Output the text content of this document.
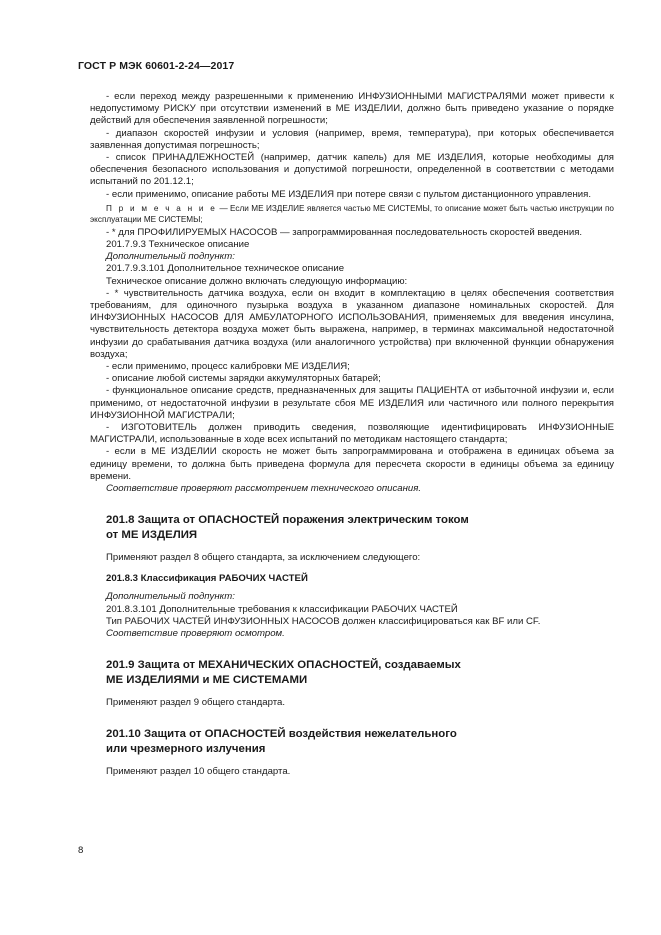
ГОСТ Р МЭК 60601-2-24—2017

- если переход между разрешенными к применению ИНФУЗИОННЫМИ МАГИСТРАЛЯМИ может привести к недопустимому РИСКУ при отсутствии изменений в МЕ ИЗДЕЛИИ, должно быть приведено указание о порядке действий для обеспечения заявленной погрешности;

- диапазон скоростей инфузии и условия (например, время, температура), при которых обеспечивается заявленная допустимая погрешность;

- список ПРИНАДЛЕЖНОСТЕЙ (например, датчик капель) для МЕ ИЗДЕЛИЯ, которые необходимы для обеспечения безопасного использования и допустимой погрешности, определенной в соответствии с методами испытаний по 201.12.1;

- если применимо, описание работы МЕ ИЗДЕЛИЯ при потере связи с пультом дистанционного управления.

П р и м е ч а н и е — Если МЕ ИЗДЕЛИЕ является частью МЕ СИСТЕМЫ, то описание может быть частью инструкции по эксплуатации МЕ СИСТЕМЫ;

- * для ПРОФИЛИРУЕМЫХ НАСОСОВ — запрограммированная последовательность скоростей введения.

201.7.9.3 Техническое описание

Дополнительный подпункт:

201.7.9.3.101 Дополнительное техническое описание

Техническое описание должно включать следующую информацию:

- * чувствительность датчика воздуха, если он входит в комплектацию в целях обеспечения соответствия требованиям, для одиночного пузырька воздуха в указанном диапазоне номинальных скоростей. Для ИНФУЗИОННЫХ НАСОСОВ ДЛЯ АМБУЛАТОРНОГО ИСПОЛЬЗОВАНИЯ, применяемых для введения инсулина, чувствительность детектора воздуха может быть выражена, например, в терминах максимальной недостаточной инфузии до срабатывания датчика воздуха (или аналогичного устройства) при включенной функции обнаружения воздуха;

- если применимо, процесс калибровки МЕ ИЗДЕЛИЯ;

- описание любой системы зарядки аккумуляторных батарей;

- функциональное описание средств, предназначенных для защиты ПАЦИЕНТА от избыточной инфузии и, если применимо, от недостаточной инфузии в результате сбоя МЕ ИЗДЕЛИЯ или частичного или полного перекрытия ИНФУЗИОННОЙ МАГИСТРАЛИ;

- ИЗГОТОВИТЕЛЬ должен приводить сведения, позволяющие идентифицировать ИНФУЗИОННЫЕ МАГИСТРАЛИ, использованные в ходе всех испытаний по методикам настоящего стандарта;

- если в МЕ ИЗДЕЛИИ скорость не может быть запрограммирована и отображена в единицах объема за единицу времени, то должна быть приведена формула для пересчета скорости в единицы объема за единицу времени.

Соответствие проверяют рассмотрением технического описания.

201.8 Защита от ОПАСНОСТЕЙ поражения электрическим током
от МЕ ИЗДЕЛИЯ

Применяют раздел 8 общего стандарта, за исключением следующего:

201.8.3 Классификация РАБОЧИХ ЧАСТЕЙ

Дополнительный подпункт:

201.8.3.101 Дополнительные требования к классификации РАБОЧИХ ЧАСТЕЙ

Тип РАБОЧИХ ЧАСТЕЙ ИНФУЗИОННЫХ НАСОСОВ должен классифицироваться как BF или CF.

Соответствие проверяют осмотром.

201.9 Защита от МЕХАНИЧЕСКИХ ОПАСНОСТЕЙ, создаваемых
МЕ ИЗДЕЛИЯМИ и МЕ СИСТЕМАМИ

Применяют раздел 9 общего стандарта.

201.10 Защита от ОПАСНОСТЕЙ воздействия нежелательного
или чрезмерного излучения

Применяют раздел 10 общего стандарта.

8
